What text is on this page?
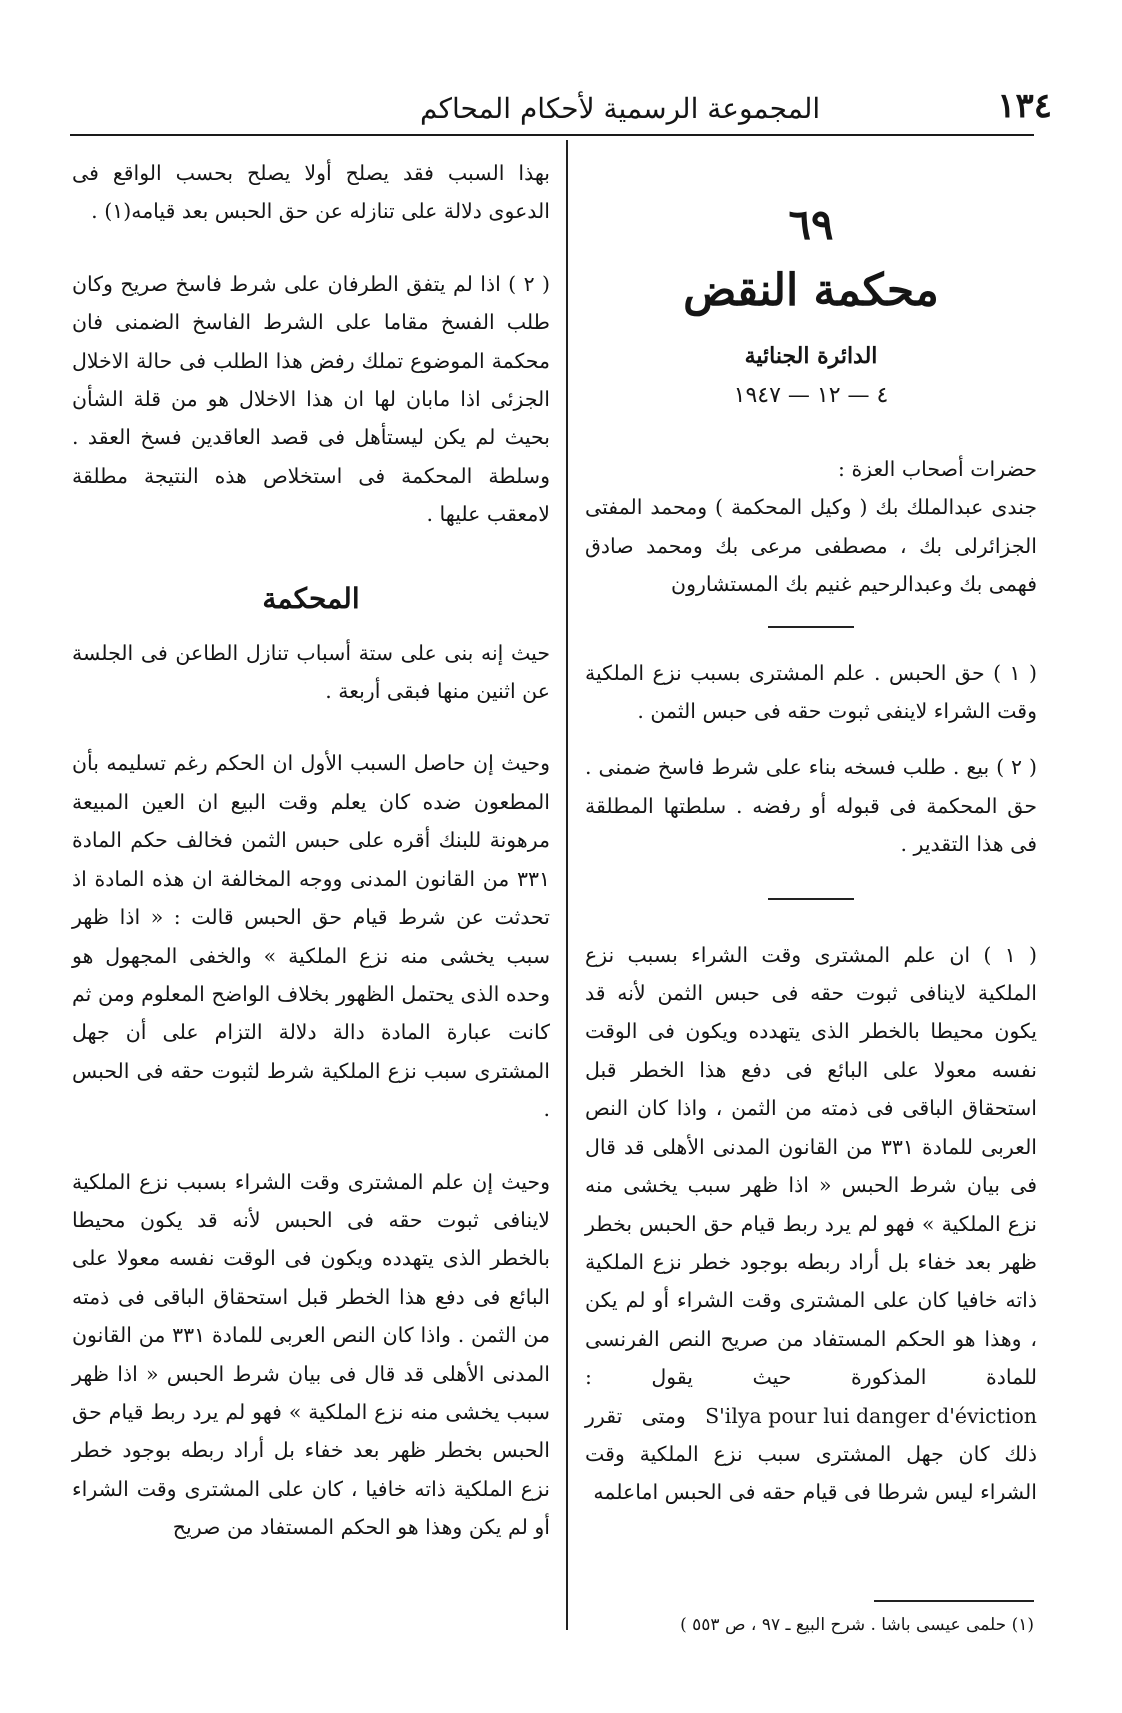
١٣٤
المجموعة الرسمية لأحكام المحاكم
٦٩
محكمة النقض
الدائرة الجنائية
٤ — ١٢ — ١٩٤٧

حضرات أصحاب العزة :

جندى عبدالملك بك ( وكيل المحكمة ) ومحمد المفتى الجزائرلى بك ، مصطفى مرعى بك ومحمد صادق فهمى بك وعبدالرحيم غنيم بك المستشارون

( ١ ) حق الحبس . علم المشترى بسبب نزع الملكية وقت الشراء لاينفى ثبوت حقه فى حبس الثمن .

( ٢ ) بيع . طلب فسخه بناء على شرط فاسخ ضمنى . حق المحكمة فى قبوله أو رفضه . سلطتها المطلقة فى هذا التقدير .

( ١ ) ان علم المشترى وقت الشراء بسبب نزع الملكية لاينافى ثبوت حقه فى حبس الثمن لأنه قد يكون محيطا بالخطر الذى يتهدده ويكون فى الوقت نفسه معولا على البائع فى دفع هذا الخطر قبل استحقاق الباقى فى ذمته من الثمن ، واذا كان النص العربى للمادة ٣٣١ من القانون المدنى الأهلى قد قال فى بيان شرط الحبس « اذا ظهر سبب يخشى منه نزع الملكية » فهو لم يرد ربط قيام حق الحبس بخطر ظهر بعد خفاء بل أراد ربطه بوجود خطر نزع الملكية ذاته خافيا كان على المشترى وقت الشراء أو لم يكن ، وهذا هو الحكم المستفاد من صريح النص الفرنسى للمادة المذكورة حيث يقول : S'ilya pour lui danger d'éviction ومتى تقرر ذلك كان جهل المشترى سبب نزع الملكية وقت الشراء ليس شرطا فى قيام حقه فى الحبس اماعلمه

بهذا السبب فقد يصلح أولا يصلح بحسب الواقع فى الدعوى دلالة على تنازله عن حق الحبس بعد قيامه(١) .

( ٢ ) اذا لم يتفق الطرفان على شرط فاسخ صريح وكان طلب الفسخ مقاما على الشرط الفاسخ الضمنى فان محكمة الموضوع تملك رفض هذا الطلب فى حالة الاخلال الجزئى اذا مابان لها ان هذا الاخلال هو من قلة الشأن بحيث لم يكن ليستأهل فى قصد العاقدين فسخ العقد . وسلطة المحكمة فى استخلاص هذه النتيجة مطلقة لامعقب عليها .

المحكمة

حيث إنه بنى على ستة أسباب تنازل الطاعن فى الجلسة عن اثنين منها فبقى أربعة .

وحيث إن حاصل السبب الأول ان الحكم رغم تسليمه بأن المطعون ضده كان يعلم وقت البيع ان العين المبيعة مرهونة للبنك أقره على حبس الثمن فخالف حكم المادة ٣٣١ من القانون المدنى ووجه المخالفة ان هذه المادة اذ تحدثت عن شرط قيام حق الحبس قالت : « اذا ظهر سبب يخشى منه نزع الملكية » والخفى المجهول هو وحده الذى يحتمل الظهور بخلاف الواضح المعلوم ومن ثم كانت عبارة المادة دالة دلالة التزام على أن جهل المشترى سبب نزع الملكية شرط لثبوت حقه فى الحبس .

وحيث إن علم المشترى وقت الشراء بسبب نزع الملكية لاينافى ثبوت حقه فى الحبس لأنه قد يكون محيطا بالخطر الذى يتهدده ويكون فى الوقت نفسه معولا على البائع فى دفع هذا الخطر قبل استحقاق الباقى فى ذمته من الثمن . واذا كان النص العربى للمادة ٣٣١ من القانون المدنى الأهلى قد قال فى بيان شرط الحبس « اذا ظهر سبب يخشى منه نزع الملكية » فهو لم يرد ربط قيام حق الحبس بخطر ظهر بعد خفاء بل أراد ربطه بوجود خطر نزع الملكية ذاته خافيا ، كان على المشترى وقت الشراء أو لم يكن وهذا هو الحكم المستفاد من صريح

(١) حلمى عيسى باشا . شرح البيع ـ ٩٧ ، ص ٥٥٣ )
